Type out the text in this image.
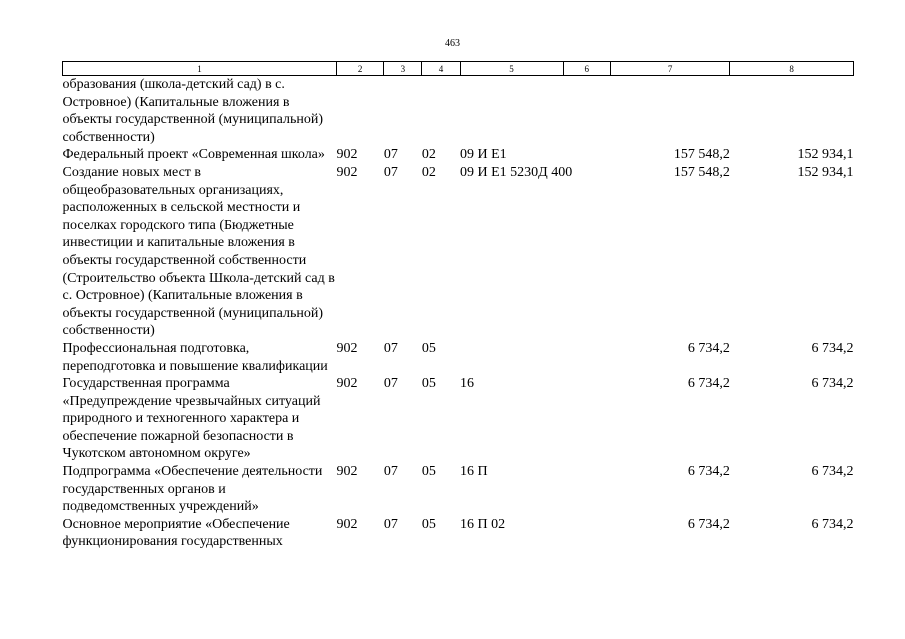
463
1	2	3	4	5	6	7	8
образования (школа-детский сад) в с. Островное) (Капитальные вложения в объекты государственной (муниципальной) собственности)							
Федеральный проект «Современная школа»	902	07	02	09 И Е1		157 548,2	152 934,1
Создание новых мест в общеобразовательных организациях, расположенных в сельской местности и поселках городского типа (Бюджетные инвестиции и капитальные вложения в объекты государственной собственности (Строительство объекта Школа-детский сад в с. Островное) (Капитальные вложения в объекты государственной (муниципальной) собственности)	902	07	02	09 И Е1 5230Д 400		157 548,2	152 934,1
Профессиональная подготовка, переподготовка и повышение квалификации	902	07	05			6 734,2	6 734,2
Государственная программа «Предупреждение чрезвычайных ситуаций природного и техногенного характера и обеспечение пожарной безопасности в Чукотском автономном округе»	902	07	05	16		6 734,2	6 734,2
Подпрограмма «Обеспечение деятельности государственных органов и подведомственных учреждений»	902	07	05	16 П		6 734,2	6 734,2
Основное мероприятие «Обеспечение функционирования государственных	902	07	05	16 П 02		6 734,2	6 734,2
